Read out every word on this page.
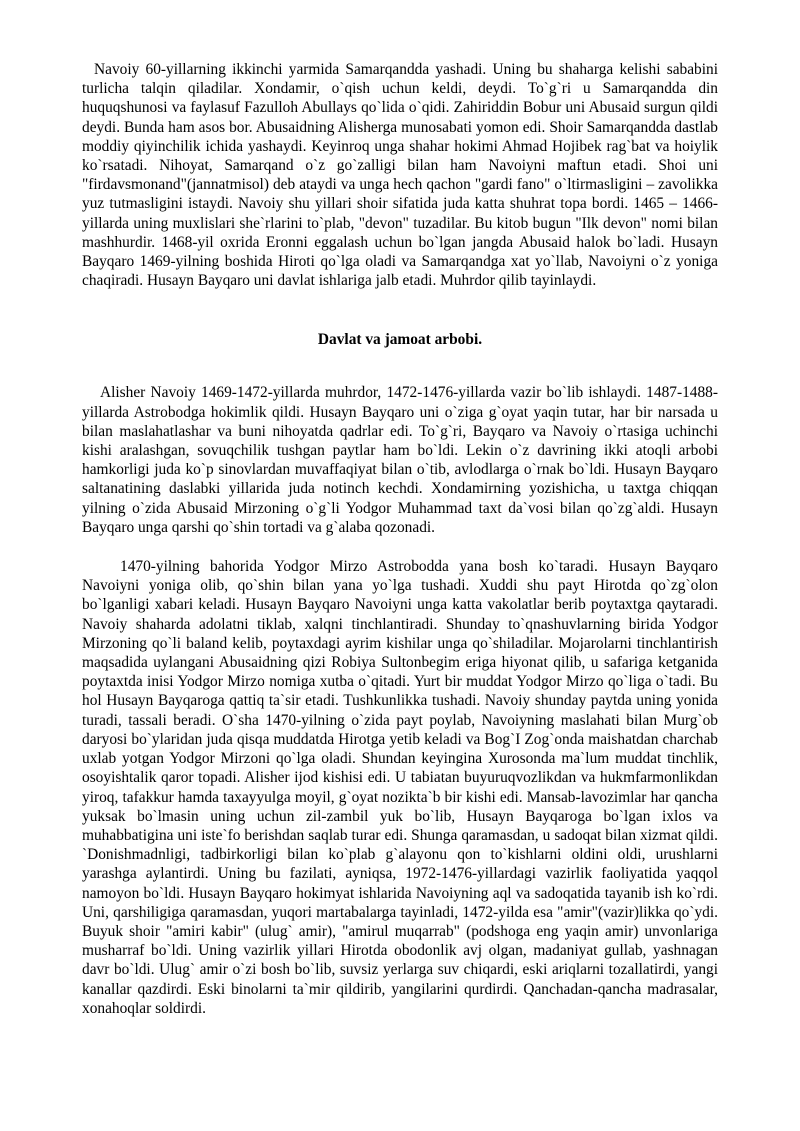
Navoiy 60-yillarning ikkinchi yarmida Samarqandda yashadi. Uning bu shaharga kelishi sababini turlicha talqin qiladilar. Xondamir, o`qish uchun keldi, deydi. To`g`ri u Samarqandda din huquqshunosi va faylasuf Fazulloh Abullays qo`lida o`qidi. Zahiriddin Bobur uni Abusaid surgun qildi deydi. Bunda ham asos bor. Abusaidning Alisherga munosabati yomon edi. Shoir Samarqandda dastlab moddiy qiyinchilik ichida yashaydi. Keyinroq unga shahar hokimi Ahmad Hojibek rag`bat va hoiylik ko`rsatadi. Nihoyat, Samarqand o`z go`zalligi bilan ham Navoiyni maftun etadi. Shoi uni "firdavsmonand"(jannatmisol) deb ataydi va unga hech qachon "gardi fano" o`ltirmasligini – zavolikka yuz tutmasligini istaydi. Navoiy shu yillari shoir sifatida juda katta shuhrat topa bordi. 1465 – 1466-yillarda uning muxlislari she`rlarini to`plab, "devon" tuzadilar. Bu kitob bugun "Ilk devon" nomi bilan mashhurdir. 1468-yil oxrida Eronni eggalash uchun bo`lgan jangda Abusaid halok bo`ladi. Husayn Bayqaro 1469-yilning boshida Hiroti qo`lga oladi va Samarqandga xat yo`llab, Navoiyni o`z yoniga chaqiradi. Husayn Bayqaro uni davlat ishlariga jalb etadi. Muhrdor qilib tayinlaydi.

Davlat va jamoat arbobi.

Alisher Navoiy 1469-1472-yillarda muhrdor, 1472-1476-yillarda vazir bo`lib ishlaydi. 1487-1488-yillarda Astrobodga hokimlik qildi. Husayn Bayqaro uni o`ziga g`oyat yaqin tutar, har bir narsada u bilan maslahatlashar va buni nihoyatda qadrlar edi. To`g`ri, Bayqaro va Navoiy o`rtasiga uchinchi kishi aralashgan, sovuqchilik tushgan paytlar ham bo`ldi. Lekin o`z davrining ikki atoqli arbobi hamkorligi juda ko`p sinovlardan muvaffaqiyat bilan o`tib, avlodlarga o`rnak bo`ldi. Husayn Bayqaro saltanatining daslabki yillarida juda notinch kechdi. Xondamirning yozishicha, u taxtga chiqqan yilning o`zida Abusaid Mirzoning o`g`li Yodgor Muhammad taxt da`vosi bilan qo`zg`aldi. Husayn Bayqaro unga qarshi qo`shin tortadi va g`alaba qozonadi.

1470-yilning bahorida Yodgor Mirzo Astrobodda yana bosh ko`taradi. Husayn Bayqaro Navoiyni yoniga olib, qo`shin bilan yana yo`lga tushadi. Xuddi shu payt Hirotda qo`zg`olon bo`lganligi xabari keladi. Husayn Bayqaro Navoiyni unga katta vakolatlar berib poytaxtga qaytaradi. Navoiy shaharda adolatni tiklab, xalqni tinchlantiradi. Shunday to`qnashuvlarning birida Yodgor Mirzoning qo`li baland kelib, poytaxdagi ayrim kishilar unga qo`shiladilar. Mojarolarni tinchlantirish maqsadida uylangani Abusaidning qizi Robiya Sultonbegim eriga hiyonat qilib, u safariga ketganida poytaxtda inisi Yodgor Mirzo nomiga xutba o`qitadi. Yurt bir muddat Yodgor Mirzo qo`liga o`tadi. Bu hol Husayn Bayqaroga qattiq ta`sir etadi. Tushkunlikka tushadi. Navoiy shunday paytda uning yonida turadi, tassali beradi. O`sha 1470-yilning o`zida payt poylab, Navoiyning maslahati bilan Murg`ob daryosi bo`ylaridan juda qisqa muddatda Hirotga yetib keladi va Bog`I Zog`onda maishatdan charchab uxlab yotgan Yodgor Mirzoni qo`lga oladi. Shundan keyingina Xurosonda ma`lum muddat tinchlik, osoyishtalik qaror topadi. Alisher ijod kishisi edi. U tabiatan buyuruqvozlikdan va hukmfarmonlikdan yiroq, tafakkur hamda taxayyulga moyil, g`oyat nozikta`b bir kishi edi. Mansab-lavozimlar har qancha yuksak bo`lmasin uning uchun zil-zambil yuk bo`lib, Husayn Bayqaroga bo`lgan ixlos va muhabbatigina uni iste`fo berishdan saqlab turar edi. Shunga qaramasdan, u sadoqat bilan xizmat qildi. `Donishmadnligi, tadbirkorligi bilan ko`plab g`alayonu qon to`kishlarni oldini oldi, urushlarni yarashga aylantirdi. Uning bu fazilati, ayniqsa, 1972-1476-yillardagi vazirlik faoliyatida yaqqol namoyon bo`ldi. Husayn Bayqaro hokimyat ishlarida Navoiyning aql va sadoqatida tayanib ish ko`rdi. Uni, qarshiligiga qaramasdan, yuqori martabalarga tayinladi, 1472-yilda esa "amir"(vazir)likka qo`ydi. Buyuk shoir "amiri kabir" (ulug` amir), "amirul muqarrab" (podshoga eng yaqin amir) unvonlariga musharraf bo`ldi. Uning vazirlik yillari Hirotda obodonlik avj olgan, madaniyat gullab, yashnagan davr bo`ldi. Ulug` amir o`zi bosh bo`lib, suvsiz yerlarga suv chiqardi, eski ariqlarni tozallatirdi, yangi kanallar qazdirdi. Eski binolarni ta`mir qildirib, yangilarini qurdirdi. Qanchadan-qancha madrasalar, xonahoqlar soldirdi.
